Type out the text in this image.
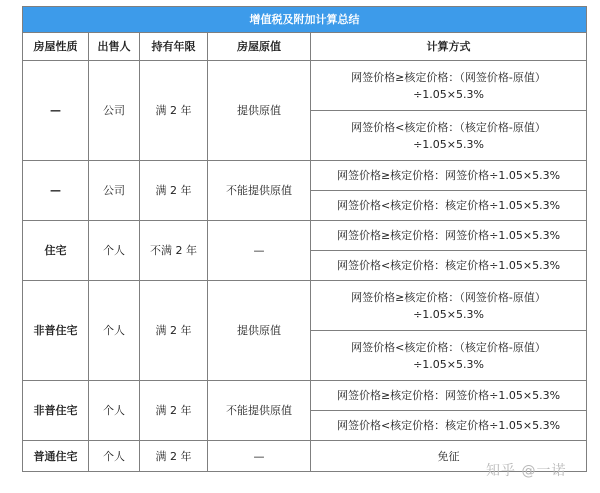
增值税及附加计算总结				
房屋性质	出售人	持有年限	房屋原值	计算方式
—	公司	满 2 年	提供原值	网签价格≥核定价格：（网签价格-原值）
÷1.05×5.3%

				网签价格<核定价格：（核定价格-原值）
÷1.05×5.3%

—	公司	满 2 年	不能提供原值	网签价格≥核定价格：网签价格÷1.05×5.3%

				网签价格<核定价格：核定价格÷1.05×5.3%

住宅	个人	不满 2 年	—	网签价格≥核定价格：网签价格÷1.05×5.3%

				网签价格<核定价格：核定价格÷1.05×5.3%

非普住宅	个人	满 2 年	提供原值	网签价格≥核定价格：（网签价格-原值）
÷1.05×5.3%

				网签价格<核定价格：（核定价格-原值）
÷1.05×5.3%

非普住宅	个人	满 2 年	不能提供原值	网签价格≥核定价格：网签价格÷1.05×5.3%

				网签价格<核定价格：核定价格÷1.05×5.3%

普通住宅	个人	满 2 年	—	免征
知乎 @一诺
